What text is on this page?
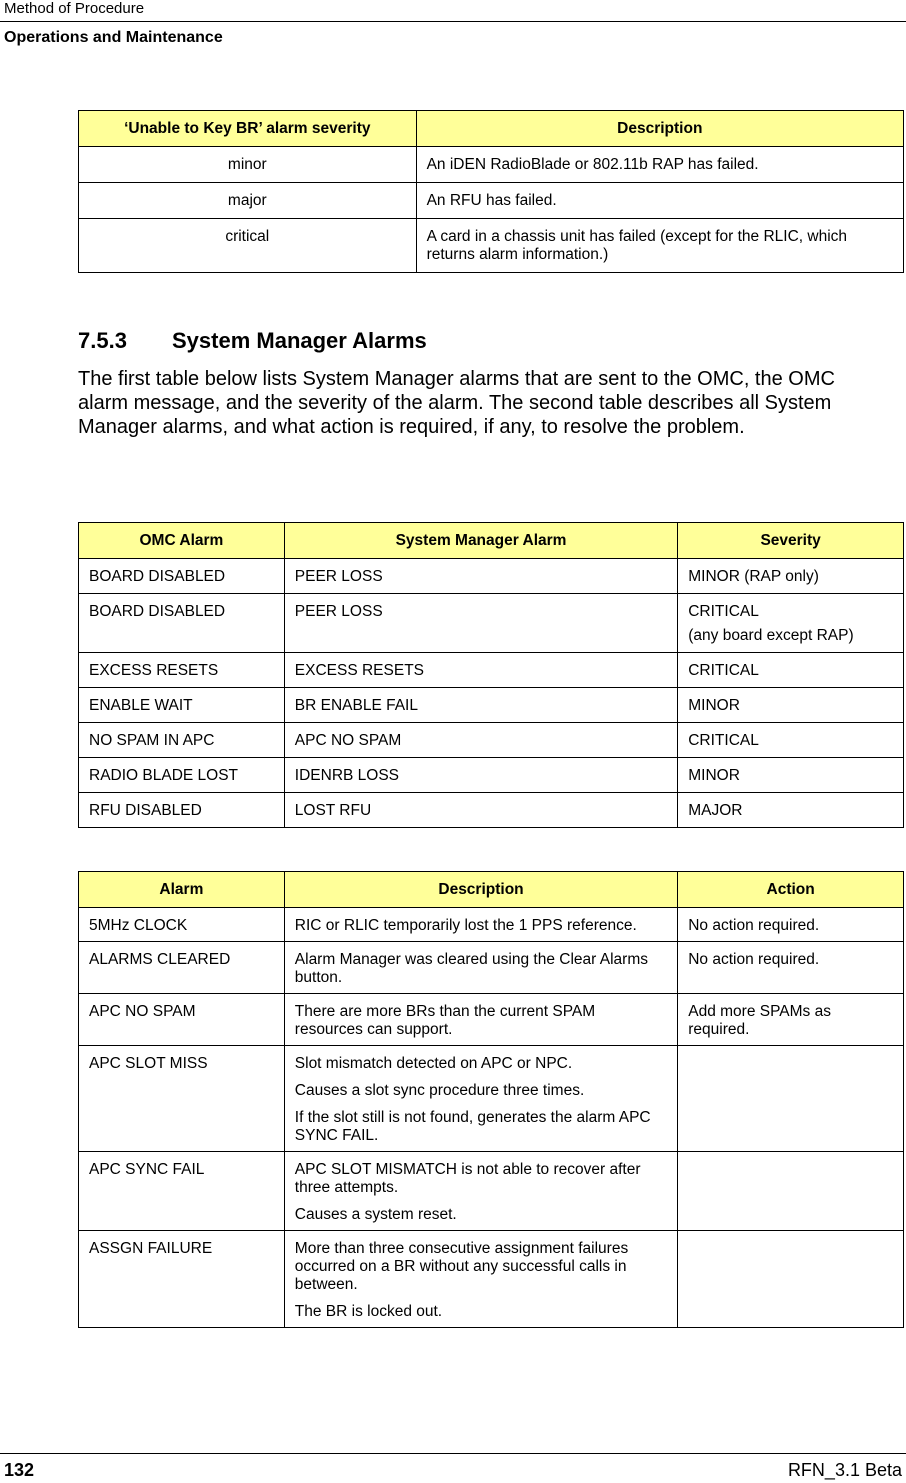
Method of Procedure
Operations and Maintenance
‘Unable to Key BR’ alarm severity	Description
minor	An iDEN RadioBlade or 802.11b RAP has failed.
major	An RFU has failed.
critical	A card in a chassis unit has failed (except for the RLIC, which returns alarm information.)
7.5.3 System Manager Alarms
The first table below lists System Manager alarms that are sent to the OMC, the OMC alarm message, and the severity of the alarm. The second table describes all System Manager alarms, and what action is required, if any, to resolve the problem.
OMC Alarm	System Manager Alarm	Severity
BOARD DISABLED	PEER LOSS	MINOR (RAP only)
BOARD DISABLED	PEER LOSS	CRITICAL

(any board except RAP)

EXCESS RESETS	EXCESS RESETS	CRITICAL
ENABLE WAIT	BR ENABLE FAIL	MINOR
NO SPAM IN APC	APC NO SPAM	CRITICAL
RADIO BLADE LOST	IDENRB LOSS	MINOR
RFU DISABLED	LOST RFU	MAJOR
Alarm	Description	Action
5MHz CLOCK	RIC or RLIC temporarily lost the 1 PPS reference.	No action required.
ALARMS CLEARED	Alarm Manager was cleared using the Clear Alarms button.	No action required.
APC NO SPAM	There are more BRs than the current SPAM resources can support.	Add more SPAMs as required.
APC SLOT MISS	Slot mismatch detected on APC or NPC.

Causes a slot sync procedure three times.

If the slot still is not found, generates the alarm APC SYNC FAIL.	

APC SYNC FAIL	APC SLOT MISMATCH is not able to recover after three attempts.

Causes a system reset.	

ASSGN FAILURE	More than three consecutive assignment failures occurred on a BR without any successful calls in between.

The BR is locked out.	

132	RFN_3.1 Beta
